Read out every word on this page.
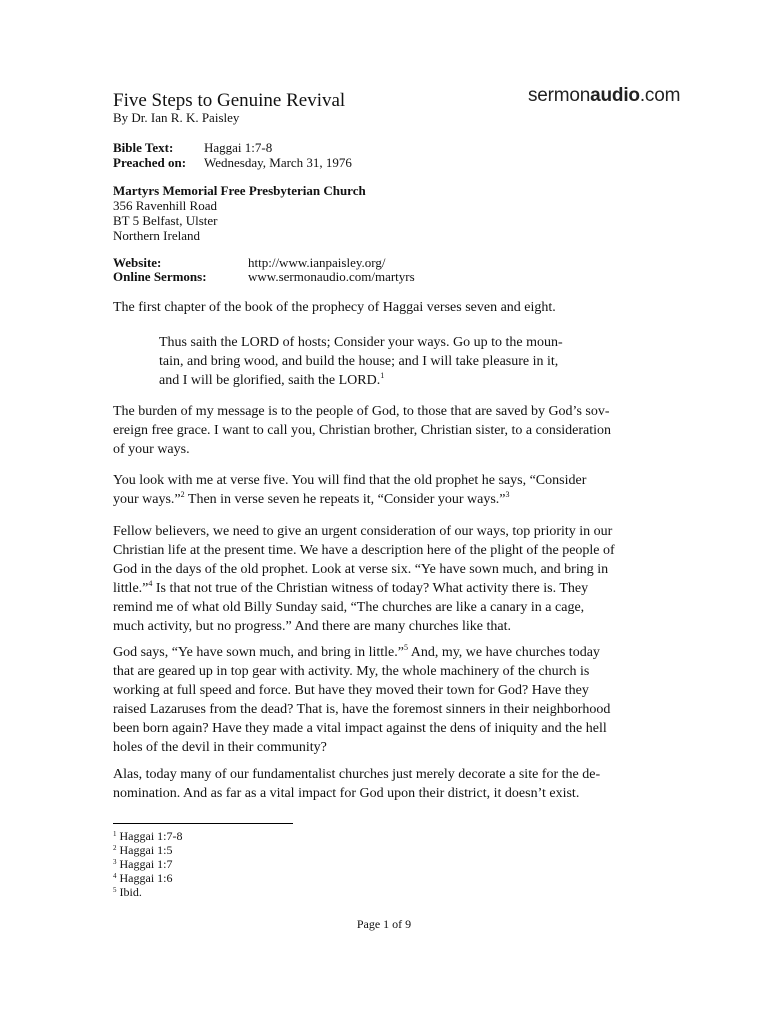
Five Steps to Genuine Revival
By Dr. Ian R. K. Paisley
sermonaudio.com
Bible Text: Haggai 1:7-8
Preached on: Wednesday, March 31, 1976
Martyrs Memorial Free Presbyterian Church
356 Ravenhill Road
BT 5 Belfast, Ulster
Northern Ireland
Website:	http://www.ianpaisley.org/
Online Sermons:	www.sermonaudio.com/martyrs
The first chapter of the book of the prophecy of Haggai verses seven and eight.
Thus saith the LORD of hosts; Consider your ways. Go up to the moun-
tain, and bring wood, and build the house; and I will take pleasure in it,
and I will be glorified, saith the LORD.$^1$
The burden of my message is to the people of God, to those that are saved by God’s sov-
ereign free grace. I want to call you, Christian brother, Christian sister, to a consideration
of your ways.
You look with me at verse five. You will find that the old prophet he says, “Consider
your ways.”$^2$ Then in verse seven he repeats it, “Consider your ways.”$^3$
Fellow believers, we need to give an urgent consideration of our ways, top priority in our
Christian life at the present time. We have a description here of the plight of the people of
God in the days of the old prophet. Look at verse six. “Ye have sown much, and bring in
little.”$^4$ Is that not true of the Christian witness of today? What activity there is. They
remind me of what old Billy Sunday said, “The churches are like a canary in a cage,
much activity, but no progress.” And there are many churches like that.
God says, “Ye have sown much, and bring in little.”$^5$ And, my, we have churches today
that are geared up in top gear with activity. My, the whole machinery of the church is
working at full speed and force. But have they moved their town for God? Have they
raised Lazaruses from the dead? That is, have the foremost sinners in their neighborhood
been born again? Have they made a vital impact against the dens of iniquity and the hell
holes of the devil in their community?
Alas, today many of our fundamentalist churches just merely decorate a site for the de-
nomination. And as far as a vital impact for God upon their district, it doesn’t exist.
$^1$ Haggai 1:7-8
$^2$ Haggai 1:5
$^3$ Haggai 1:7
$^4$ Haggai 1:6
$^5$ Ibid.
Page 1 of 9
